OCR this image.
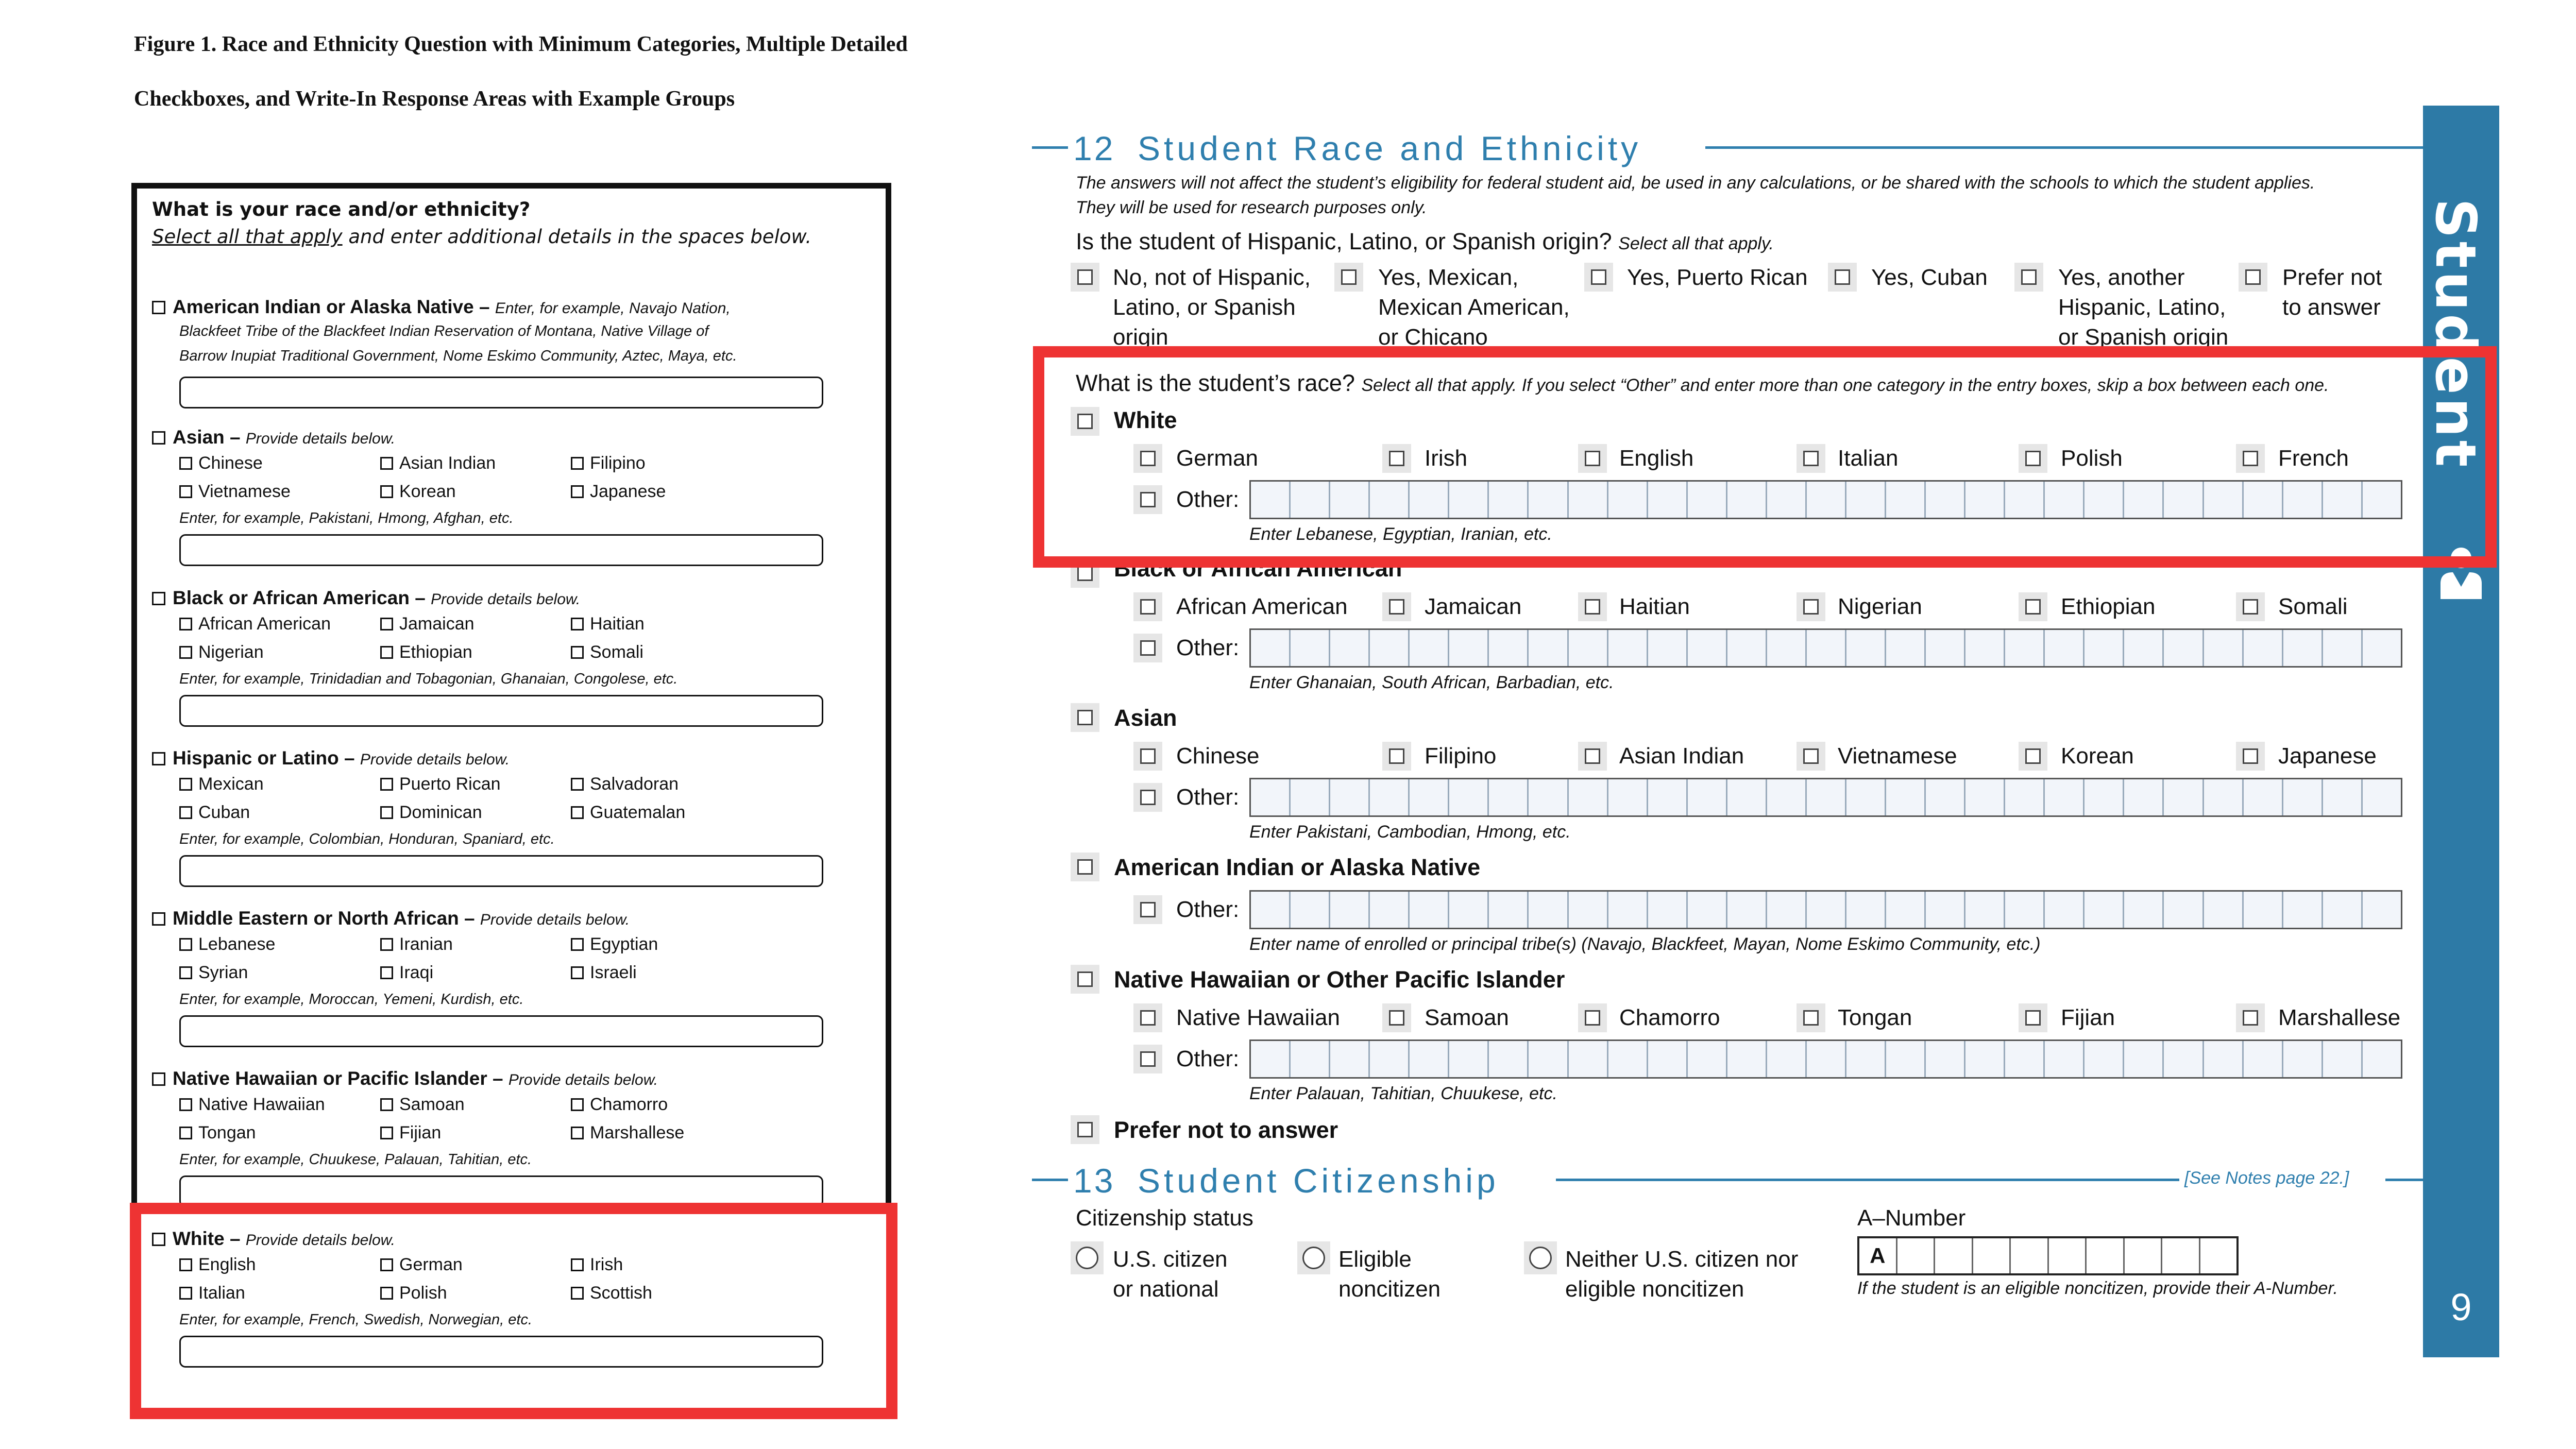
Figure 1. Race and Ethnicity Question with Minimum Categories, Multiple Detailed
Checkboxes, and Write-In Response Areas with Example Groups
What is your race and/or ethnicity?
Select all that apply and enter additional details in the spaces below.
American Indian or Alaska Native – Enter, for example, Navajo Nation,
Blackfeet Tribe of the Blackfeet Indian Reservation of Montana, Native Village of
Barrow Inupiat Traditional Government, Nome Eskimo Community, Aztec, Maya, etc.
Asian – Provide details below.
Chinese	Asian Indian	Filipino
Vietnamese	Korean	Japanese
Enter, for example, Pakistani, Hmong, Afghan, etc.
Black or African American – Provide details below.
African American	Jamaican	Haitian
Nigerian	Ethiopian	Somali
Enter, for example, Trinidadian and Tobagonian, Ghanaian, Congolese, etc.
Hispanic or Latino – Provide details below.
Mexican	Puerto Rican	Salvadoran
Cuban	Dominican	Guatemalan
Enter, for example, Colombian, Honduran, Spaniard, etc.
Middle Eastern or North African – Provide details below.
Lebanese	Iranian	Egyptian
Syrian	Iraqi	Israeli
Enter, for example, Moroccan, Yemeni, Kurdish, etc.
Native Hawaiian or Pacific Islander – Provide details below.
Native Hawaiian	Samoan	Chamorro
Tongan	Fijian	Marshallese
Enter, for example, Chuukese, Palauan, Tahitian, etc.
White – Provide details below.
English	German	Irish
Italian	Polish	Scottish
Enter, for example, French, Swedish, Norwegian, etc.
12 Student Race and Ethnicity
The answers will not affect the student’s eligibility for federal student aid, be used in any calculations, or be shared with the schools to which the student applies.
They will be used for research purposes only.
Is the student of Hispanic, Latino, or Spanish origin? Select all that apply.
No, not of Hispanic,
Latino, or Spanish
origin
Yes, Mexican,
Mexican American,
or Chicano
Yes, Puerto Rican	Yes, Cuban	Yes, another
Hispanic, Latino,
or Spanish origin
Prefer not
to answer
What is the student’s race? Select all that apply. If you select “Other” and enter more than one category in the entry boxes, skip a box between each one.
White
German	Irish	English	Italian	Polish	French
Other:
Enter Lebanese, Egyptian, Iranian, etc.
Black or African American
African American	Jamaican	Haitian	Nigerian	Ethiopian	Somali
Other:
Enter Ghanaian, South African, Barbadian, etc.
Asian
Chinese	Filipino	Asian Indian	Vietnamese	Korean	Japanese
Other:
Enter Pakistani, Cambodian, Hmong, etc.
American Indian or Alaska Native
Other:
Enter name of enrolled or principal tribe(s) (Navajo, Blackfeet, Mayan, Nome Eskimo Community, etc.)
Native Hawaiian or Other Pacific Islander
Native Hawaiian	Samoan	Chamorro	Tongan	Fijian	Marshallese
Other:
Enter Palauan, Tahitian, Chuukese, etc.
Prefer not to answer
13 Student Citizenship	[See Notes page 22.]
Citizenship status	A–Number
U.S. citizen
or national
Eligible
noncitizen
Neither U.S. citizen nor
eligible noncitizen
A
If the student is an eligible noncitizen, provide their A-Number.
Student
9
